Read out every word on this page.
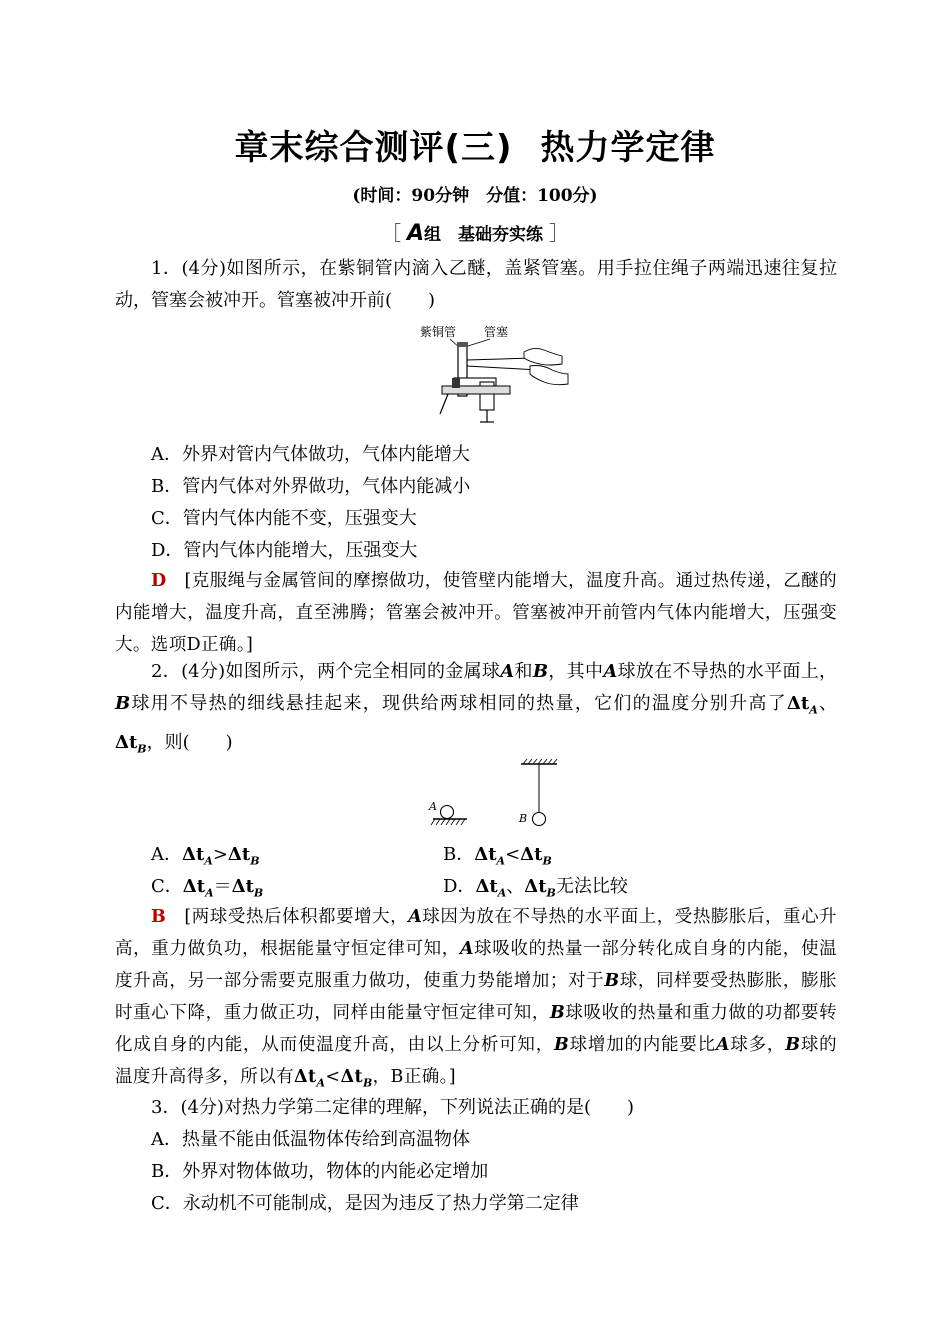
章末综合测评(三) 热力学定律
(时间：90分钟　分值：100分)
［ A组　基础夯实练 ］
1．(4分)如图所示，在紫铜管内滴入乙醚，盖紧管塞。用手拉住绳子两端迅速往复拉动，管塞会被冲开。管塞被冲开前(　　)
紫铜管 管塞
A．外界对管内气体做功，气体内能增大
B．管内气体对外界做功，气体内能减小
C．管内气体内能不变，压强变大
D．管内气体内能增大，压强变大
D　 [克服绳与金属管间的摩擦做功，使管壁内能增大，温度升高。通过热传递，乙醚的内能增大，温度升高，直至沸腾；管塞会被冲开。管塞被冲开前管内气体内能增大，压强变大。选项D正确。]
2．(4分)如图所示，两个完全相同的金属球A和B，其中A球放在不导热的水平面上，B球用不导热的细线悬挂起来，现供给两球相同的热量，它们的温度分别升高了$\Delta t_A$、$\Delta t_B$，则(　　)
B
A
A．$\Delta t_A>\Delta t_B$	B．$\Delta t_A<\Delta t_B$
C．$\Delta t_A=\Delta t_B$	D．$\Delta t_A$、$\Delta t_B$无法比较
B　 [两球受热后体积都要增大，A球因为放在不导热的水平面上，受热膨胀后，重心升高，重力做负功，根据能量守恒定律可知，A球吸收的热量一部分转化成自身的内能，使温度升高，另一部分需要克服重力做功，使重力势能增加；对于B球，同样要受热膨胀，膨胀时重心下降，重力做正功，同样由能量守恒定律可知，B球吸收的热量和重力做的功都要转化成自身的内能，从而使温度升高，由以上分析可知，B球增加的内能要比A球多，B球的温度升高得多，所以有$\Delta t_A<\Delta t_B$，B正确。]
3．(4分)对热力学第二定律的理解，下列说法正确的是(　　)
A．热量不能由低温物体传给到高温物体
B．外界对物体做功，物体的内能必定增加
C．永动机不可能制成，是因为违反了热力学第二定律
